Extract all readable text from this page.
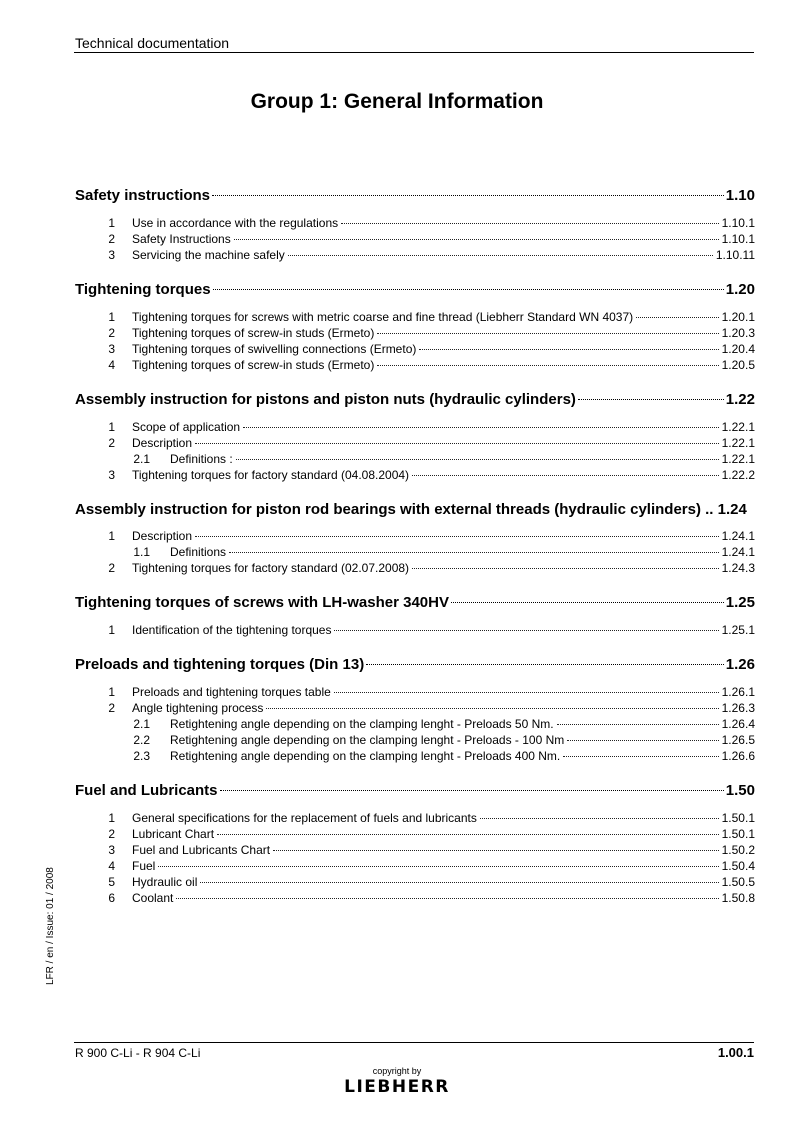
Technical documentation
Group 1: General Information
Safety instructions	1.10
1	Use in accordance with the regulations	1.10.1
2	Safety Instructions	1.10.1
3	Servicing the machine safely	1.10.11
Tightening torques	1.20
1	Tightening torques for screws with metric coarse and fine thread (Liebherr Standard WN 4037)	1.20.1
2	Tightening torques of screw-in studs (Ermeto)	1.20.3
3	Tightening torques of swivelling connections (Ermeto)	1.20.4
4	Tightening torques of screw-in studs (Ermeto)	1.20.5
Assembly instruction for pistons and piston nuts (hydraulic cylinders)	1.22
1	Scope of application	1.22.1
2	Description	1.22.1
2.1	Definitions :	1.22.1
3	Tightening torques for factory standard (04.08.2004)	1.22.2
Assembly instruction for piston rod bearings with external threads (hydraulic cylinders) .. 1.24
1	Description	1.24.1
1.1	Definitions	1.24.1
2	Tightening torques for factory standard (02.07.2008)	1.24.3
Tightening torques of screws with LH-washer 340HV	1.25
1	Identification of the tightening torques	1.25.1
Preloads and tightening torques (Din 13)	1.26
1	Preloads and tightening torques table	1.26.1
2	Angle tightening process	1.26.3
2.1	Retightening angle depending on the clamping lenght - Preloads 50 Nm.	1.26.4
2.2	Retightening angle depending on the clamping lenght - Preloads - 100 Nm	1.26.5
2.3	Retightening angle depending on the clamping lenght - Preloads 400 Nm.	1.26.6
Fuel and Lubricants	1.50
1	General specifications for the replacement of fuels and lubricants	1.50.1
2	Lubricant Chart	1.50.1
3	Fuel and Lubricants Chart	1.50.2
4	Fuel	1.50.4
5	Hydraulic oil	1.50.5
6	Coolant	1.50.8
LFR / en / Issue: 01 / 2008
R 900 C-Li - R 904 C-Li	1.00.1
copyright by
LIEBHERR
